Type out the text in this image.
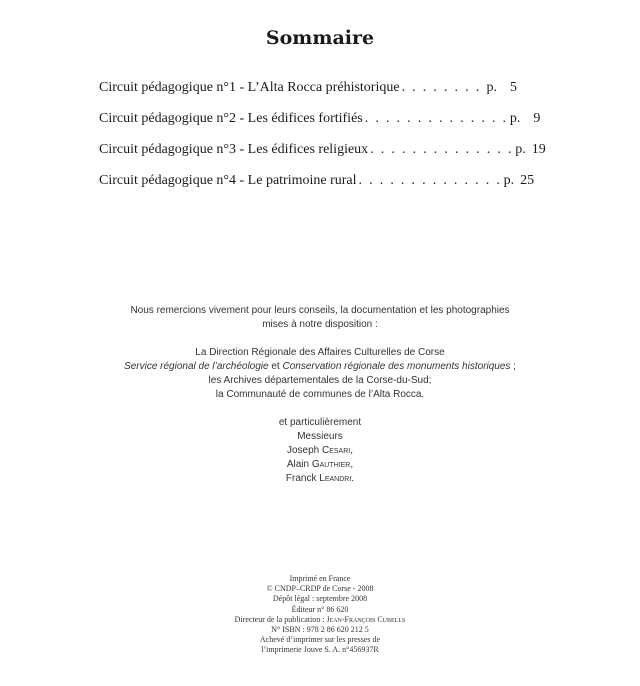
Sommaire
Circuit pédagogique n°1 - L’Alta Rocca préhistorique . . . . . . . . p. 5
Circuit pédagogique n°2 - Les édifices fortifiés . . . . . . . . . . . . . . p. 9
Circuit pédagogique n°3 - Les édifices religieux . . . . . . . . . . . . . . p. 19
Circuit pédagogique n°4 - Le patrimoine rural . . . . . . . . . . . . . . p. 25

Nous remercions vivement pour leurs conseils, la documentation et les photographies

mises à notre disposition :

La Direction Régionale des Affaires Culturelles de Corse

Service régional de l’archéologie et Conservation régionale des monuments historiques ;

les Archives départementales de la Corse-du-Sud;

la Communauté de communes de l’Alta Rocca.

et particulièrement

Messieurs

Joseph Cesari,

Alain Gauthier,

Franck Leandri.

Imprimé en France

© CNDP–CRDP de Corse - 2008

Dépôt légal : septembre 2008

Éditeur n° 86 620

Directeur de la publication : Jean-François Cubells

N° ISBN : 978 2 86 620 212 5

Achevé d’imprimer sur les presses de

l’imprimerie Jouve S. A. n°456937R
